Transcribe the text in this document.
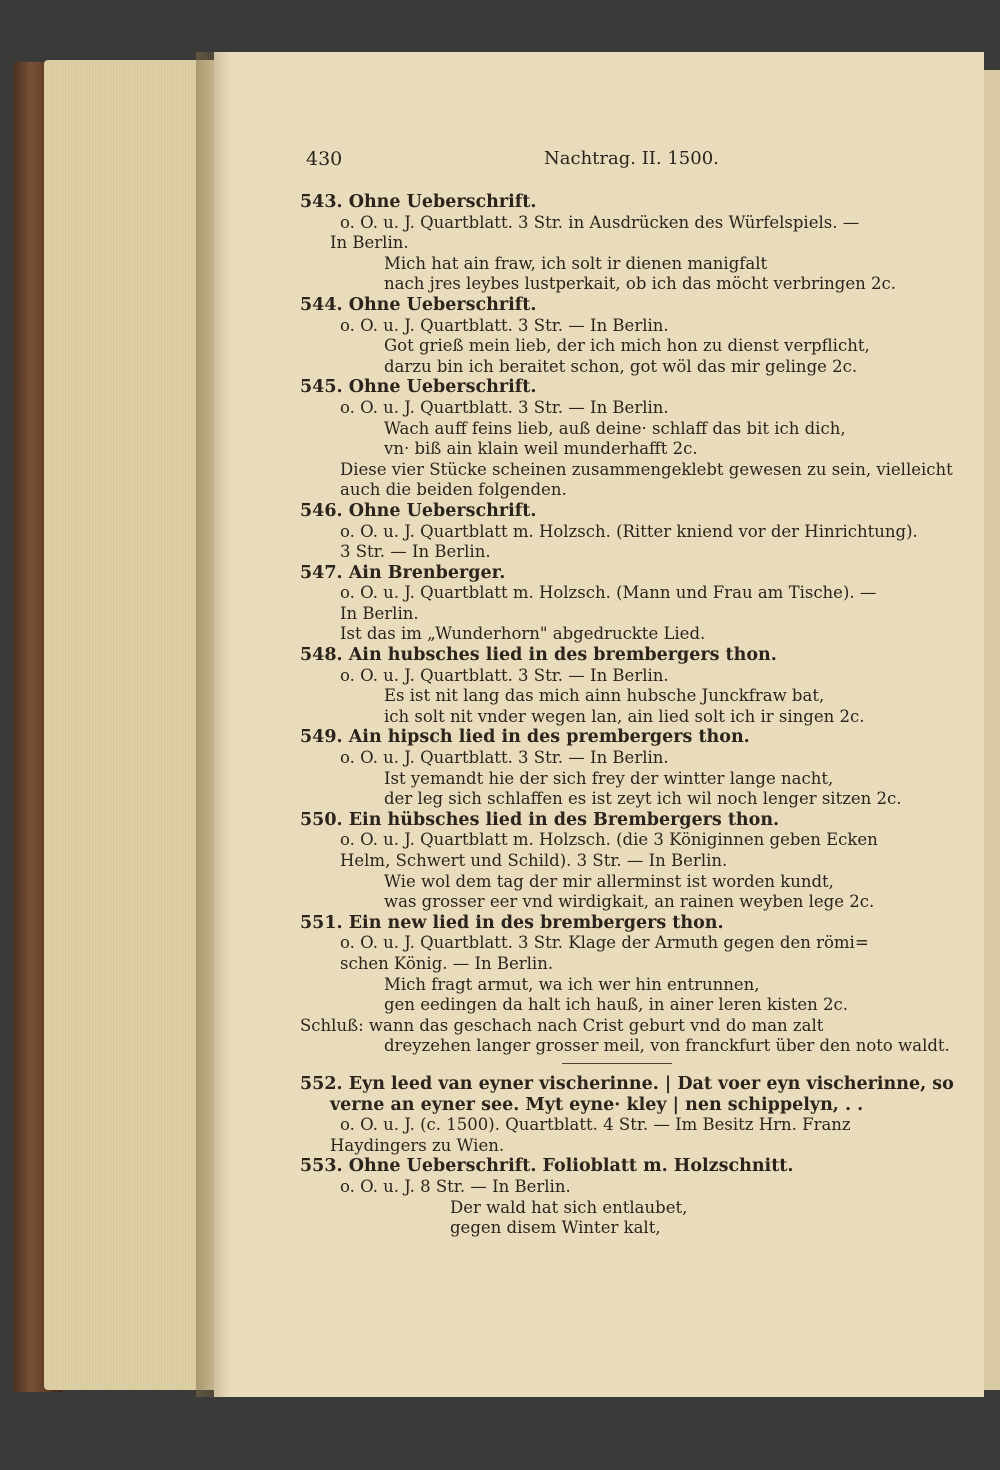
430	Nachtrag. II. 1500.
543. Ohne Ueberschrift.
o. O. u. J. Quartblatt. 3 Str. in Ausdrücken des Würfelspiels. —
In Berlin.
Mich hat ain fraw, ich solt ir dienen manigfalt
nach jres leybes lustperkait, ob ich das möcht verbringen 2c.
544. Ohne Ueberschrift.
o. O. u. J. Quartblatt. 3 Str. — In Berlin.
Got grieß mein lieb, der ich mich hon zu dienst verpflicht,
darzu bin ich beraitet schon, got wöl das mir gelinge 2c.
545. Ohne Ueberschrift.
o. O. u. J. Quartblatt. 3 Str. — In Berlin.
Wach auff feins lieb, auß deine· schlaff das bit ich dich,
vn· biß ain klain weil munderhafft 2c.
Diese vier Stücke scheinen zusammengeklebt gewesen zu sein, vielleicht
auch die beiden folgenden.
546. Ohne Ueberschrift.
o. O. u. J. Quartblatt m. Holzsch. (Ritter kniend vor der Hinrichtung).
3 Str. — In Berlin.
547. Ain Brenberger.
o. O. u. J. Quartblatt m. Holzsch. (Mann und Frau am Tische). —
In Berlin.
Ist das im „Wunderhorn" abgedruckte Lied.
548. Ain hubsches lied in des brembergers thon.
o. O. u. J. Quartblatt. 3 Str. — In Berlin.
Es ist nit lang das mich ainn hubsche Junckfraw bat,
ich solt nit vnder wegen lan, ain lied solt ich ir singen 2c.
549. Ain hipsch lied in des prembergers thon.
o. O. u. J. Quartblatt. 3 Str. — In Berlin.
Ist yemandt hie der sich frey der wintter lange nacht,
der leg sich schlaffen es ist zeyt ich wil noch lenger sitzen 2c.
550. Ein hübsches lied in des Brembergers thon.
o. O. u. J. Quartblatt m. Holzsch. (die 3 Königinnen geben Ecken
Helm, Schwert und Schild). 3 Str. — In Berlin.
Wie wol dem tag der mir allerminst ist worden kundt,
was grosser eer vnd wirdigkait, an rainen weyben lege 2c.
551. Ein new lied in des brembergers thon.
o. O. u. J. Quartblatt. 3 Str. Klage der Armuth gegen den römi=
schen König. — In Berlin.
Mich fragt armut, wa ich wer hin entrunnen,
gen eedingen da halt ich hauß, in ainer leren kisten 2c.
Schluß: wann das geschach nach Crist geburt vnd do man zalt
dreyzehen langer grosser meil, von franckfurt über den noto waldt.
552. Eyn leed van eyner vischerinne. | Dat voer eyn vischerinne, so
verne an eyner see. Myt eyne· kley | nen schippelyn, . .
o. O. u. J. (c. 1500). Quartblatt. 4 Str. — Im Besitz Hrn. Franz
Haydingers zu Wien.
553. Ohne Ueberschrift. Folioblatt m. Holzschnitt.
o. O. u. J. 8 Str. — In Berlin.
Der wald hat sich entlaubet,
gegen disem Winter kalt,
